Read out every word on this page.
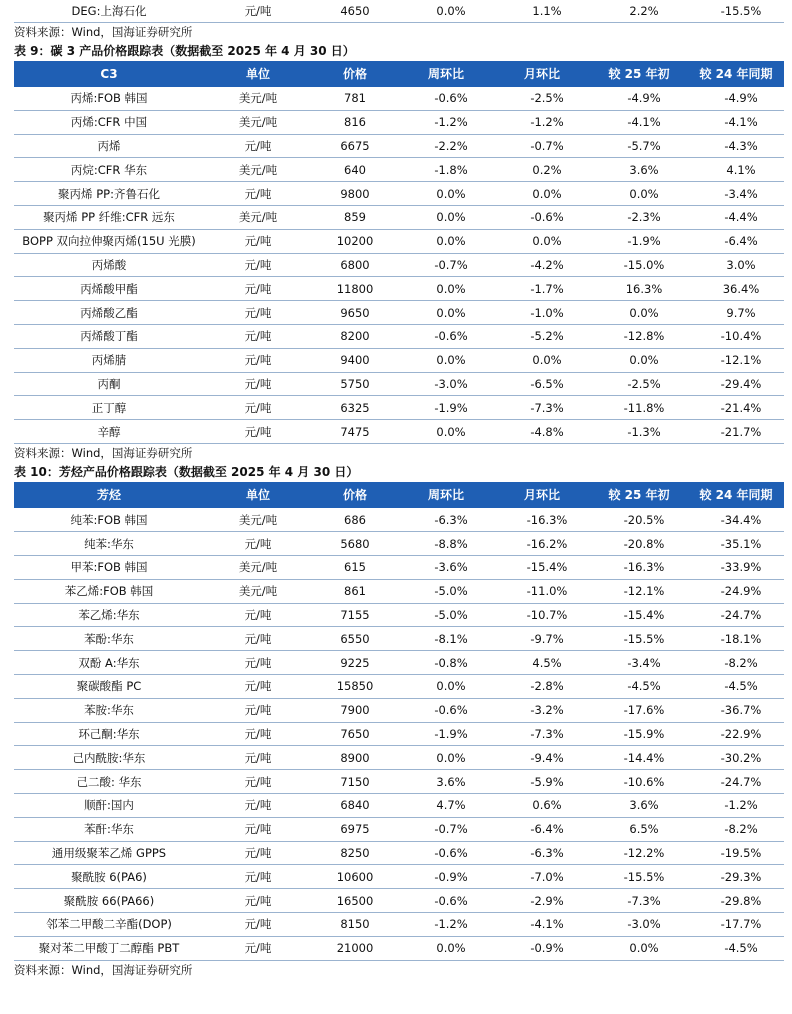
DEG:上海石化	元/吨	4650	0.0%	1.1%	2.2%	-15.5%
资料来源：Wind，国海证券研究所
表 9：碳 3 产品价格跟踪表（数据截至 2025 年 4 月 30 日）
C3	单位	价格	周环比	月环比	较 25 年初	较 24 年同期
丙烯:FOB 韩国	美元/吨	781	-0.6%	-2.5%	-4.9%	-4.9%
丙烯:CFR 中国	美元/吨	816	-1.2%	-1.2%	-4.1%	-4.1%
丙烯	元/吨	6675	-2.2%	-0.7%	-5.7%	-4.3%
丙烷:CFR 华东	美元/吨	640	-1.8%	0.2%	3.6%	4.1%
聚丙烯 PP:齐鲁石化	元/吨	9800	0.0%	0.0%	0.0%	-3.4%
聚丙烯 PP 纤维:CFR 远东	美元/吨	859	0.0%	-0.6%	-2.3%	-4.4%
BOPP 双向拉伸聚丙烯(15U 光膜)	元/吨	10200	0.0%	0.0%	-1.9%	-6.4%
丙烯酸	元/吨	6800	-0.7%	-4.2%	-15.0%	3.0%
丙烯酸甲酯	元/吨	11800	0.0%	-1.7%	16.3%	36.4%
丙烯酸乙酯	元/吨	9650	0.0%	-1.0%	0.0%	9.7%
丙烯酸丁酯	元/吨	8200	-0.6%	-5.2%	-12.8%	-10.4%
丙烯腈	元/吨	9400	0.0%	0.0%	0.0%	-12.1%
丙酮	元/吨	5750	-3.0%	-6.5%	-2.5%	-29.4%
正丁醇	元/吨	6325	-1.9%	-7.3%	-11.8%	-21.4%
辛醇	元/吨	7475	0.0%	-4.8%	-1.3%	-21.7%
资料来源：Wind，国海证券研究所
表 10：芳烃产品价格跟踪表（数据截至 2025 年 4 月 30 日）
芳烃	单位	价格	周环比	月环比	较 25 年初	较 24 年同期
纯苯:FOB 韩国	美元/吨	686	-6.3%	-16.3%	-20.5%	-34.4%
纯苯:华东	元/吨	5680	-8.8%	-16.2%	-20.8%	-35.1%
甲苯:FOB 韩国	美元/吨	615	-3.6%	-15.4%	-16.3%	-33.9%
苯乙烯:FOB 韩国	美元/吨	861	-5.0%	-11.0%	-12.1%	-24.9%
苯乙烯:华东	元/吨	7155	-5.0%	-10.7%	-15.4%	-24.7%
苯酚:华东	元/吨	6550	-8.1%	-9.7%	-15.5%	-18.1%
双酚 A:华东	元/吨	9225	-0.8%	4.5%	-3.4%	-8.2%
聚碳酸酯 PC	元/吨	15850	0.0%	-2.8%	-4.5%	-4.5%
苯胺:华东	元/吨	7900	-0.6%	-3.2%	-17.6%	-36.7%
环己酮:华东	元/吨	7650	-1.9%	-7.3%	-15.9%	-22.9%
己内酰胺:华东	元/吨	8900	0.0%	-9.4%	-14.4%	-30.2%
己二酸: 华东	元/吨	7150	3.6%	-5.9%	-10.6%	-24.7%
顺酐:国内	元/吨	6840	4.7%	0.6%	3.6%	-1.2%
苯酐:华东	元/吨	6975	-0.7%	-6.4%	6.5%	-8.2%
通用级聚苯乙烯 GPPS	元/吨	8250	-0.6%	-6.3%	-12.2%	-19.5%
聚酰胺 6(PA6)	元/吨	10600	-0.9%	-7.0%	-15.5%	-29.3%
聚酰胺 66(PA66)	元/吨	16500	-0.6%	-2.9%	-7.3%	-29.8%
邻苯二甲酸二辛酯(DOP)	元/吨	8150	-1.2%	-4.1%	-3.0%	-17.7%
聚对苯二甲酸丁二醇酯 PBT	元/吨	21000	0.0%	-0.9%	0.0%	-4.5%
资料来源：Wind，国海证券研究所
